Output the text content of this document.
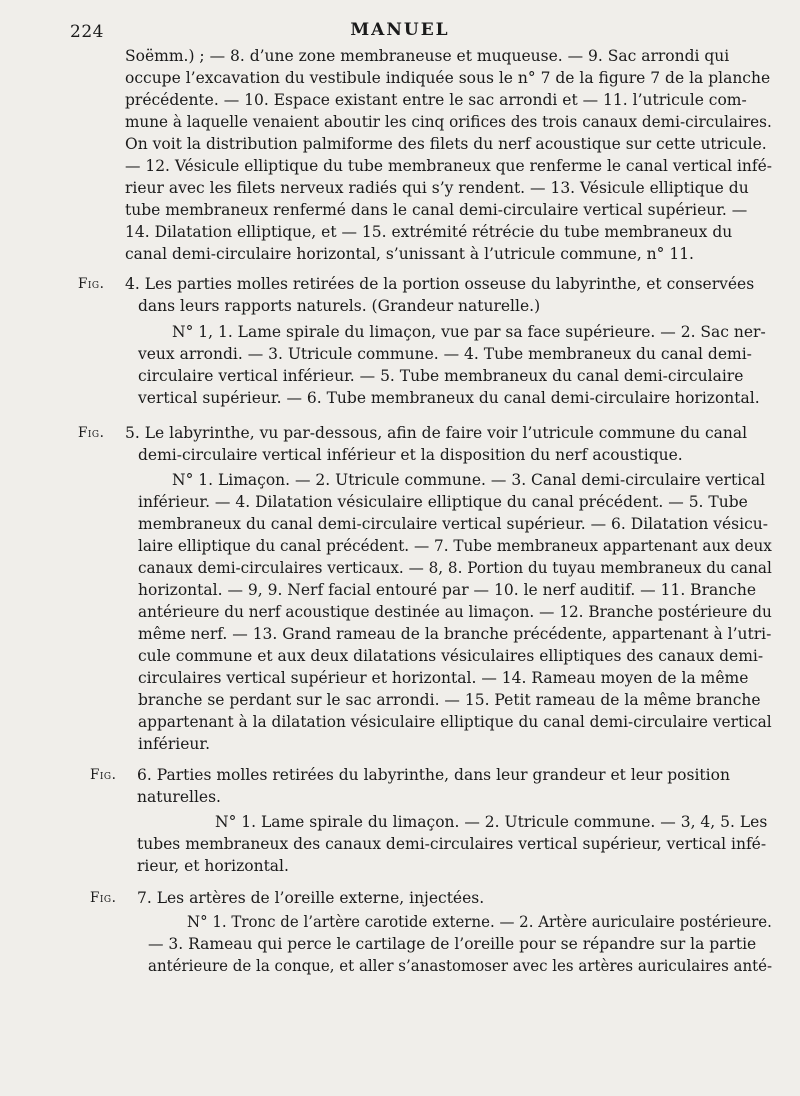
224	MANUEL
Soëmm.) ; — 8. d’une zone membraneuse et muqueuse. — 9. Sac arrondi qui
occupe l’excavation du vestibule indiquée sous le n° 7 de la figure 7 de la planche
précédente. — 10. Espace existant entre le sac arrondi et — 11. l’utricule com-
mune à laquelle venaient aboutir les cinq orifices des trois canaux demi-circulaires.
On voit la distribution palmiforme des filets du nerf acoustique sur cette utricule.
— 12. Vésicule elliptique du tube membraneux que renferme le canal vertical infé-
rieur avec les filets nerveux radiés qui s’y rendent. — 13. Vésicule elliptique du
tube membraneux renfermé dans le canal demi-circulaire vertical supérieur. —
14. Dilatation elliptique, et — 15. extrémité rétrécie du tube membraneux du
canal demi-circulaire horizontal, s’unissant à l’utricule commune, n° 11.
Fig. 4. Les parties molles retirées de la portion osseuse du labyrinthe, et conservées
dans leurs rapports naturels. (Grandeur naturelle.)
N° 1, 1. Lame spirale du limaçon, vue par sa face supérieure. — 2. Sac ner-
veux arrondi. — 3. Utricule commune. — 4. Tube membraneux du canal demi-
circulaire vertical inférieur. — 5. Tube membraneux du canal demi-circulaire
vertical supérieur. — 6. Tube membraneux du canal demi-circulaire horizontal.
Fig. 5. Le labyrinthe, vu par-dessous, afin de faire voir l’utricule commune du canal
demi-circulaire vertical inférieur et la disposition du nerf acoustique.
N° 1. Limaçon. — 2. Utricule commune. — 3. Canal demi-circulaire vertical
inférieur. — 4. Dilatation vésiculaire elliptique du canal précédent. — 5. Tube
membraneux du canal demi-circulaire vertical supérieur. — 6. Dilatation vésicu-
laire elliptique du canal précédent. — 7. Tube membraneux appartenant aux deux
canaux demi-circulaires verticaux. — 8, 8. Portion du tuyau membraneux du canal
horizontal. — 9, 9. Nerf facial entouré par — 10. le nerf auditif. — 11. Branche
antérieure du nerf acoustique destinée au limaçon. — 12. Branche postérieure du
même nerf. — 13. Grand rameau de la branche précédente, appartenant à l’utri-
cule commune et aux deux dilatations vésiculaires elliptiques des canaux demi-
circulaires vertical supérieur et horizontal. — 14. Rameau moyen de la même
branche se perdant sur le sac arrondi. — 15. Petit rameau de la même branche
appartenant à la dilatation vésiculaire elliptique du canal demi-circulaire vertical
inférieur.
Fig. 6. Parties molles retirées du labyrinthe, dans leur grandeur et leur position
naturelles.
N° 1. Lame spirale du limaçon. — 2. Utricule commune. — 3, 4, 5. Les
tubes membraneux des canaux demi-circulaires vertical supérieur, vertical infé-
rieur, et horizontal.
Fig. 7. Les artères de l’oreille externe, injectées.
N° 1. Tronc de l’artère carotide externe. — 2. Artère auriculaire postérieure.
— 3. Rameau qui perce le cartilage de l’oreille pour se répandre sur la partie
antérieure de la conque, et aller s’anastomoser avec les artères auriculaires anté-
